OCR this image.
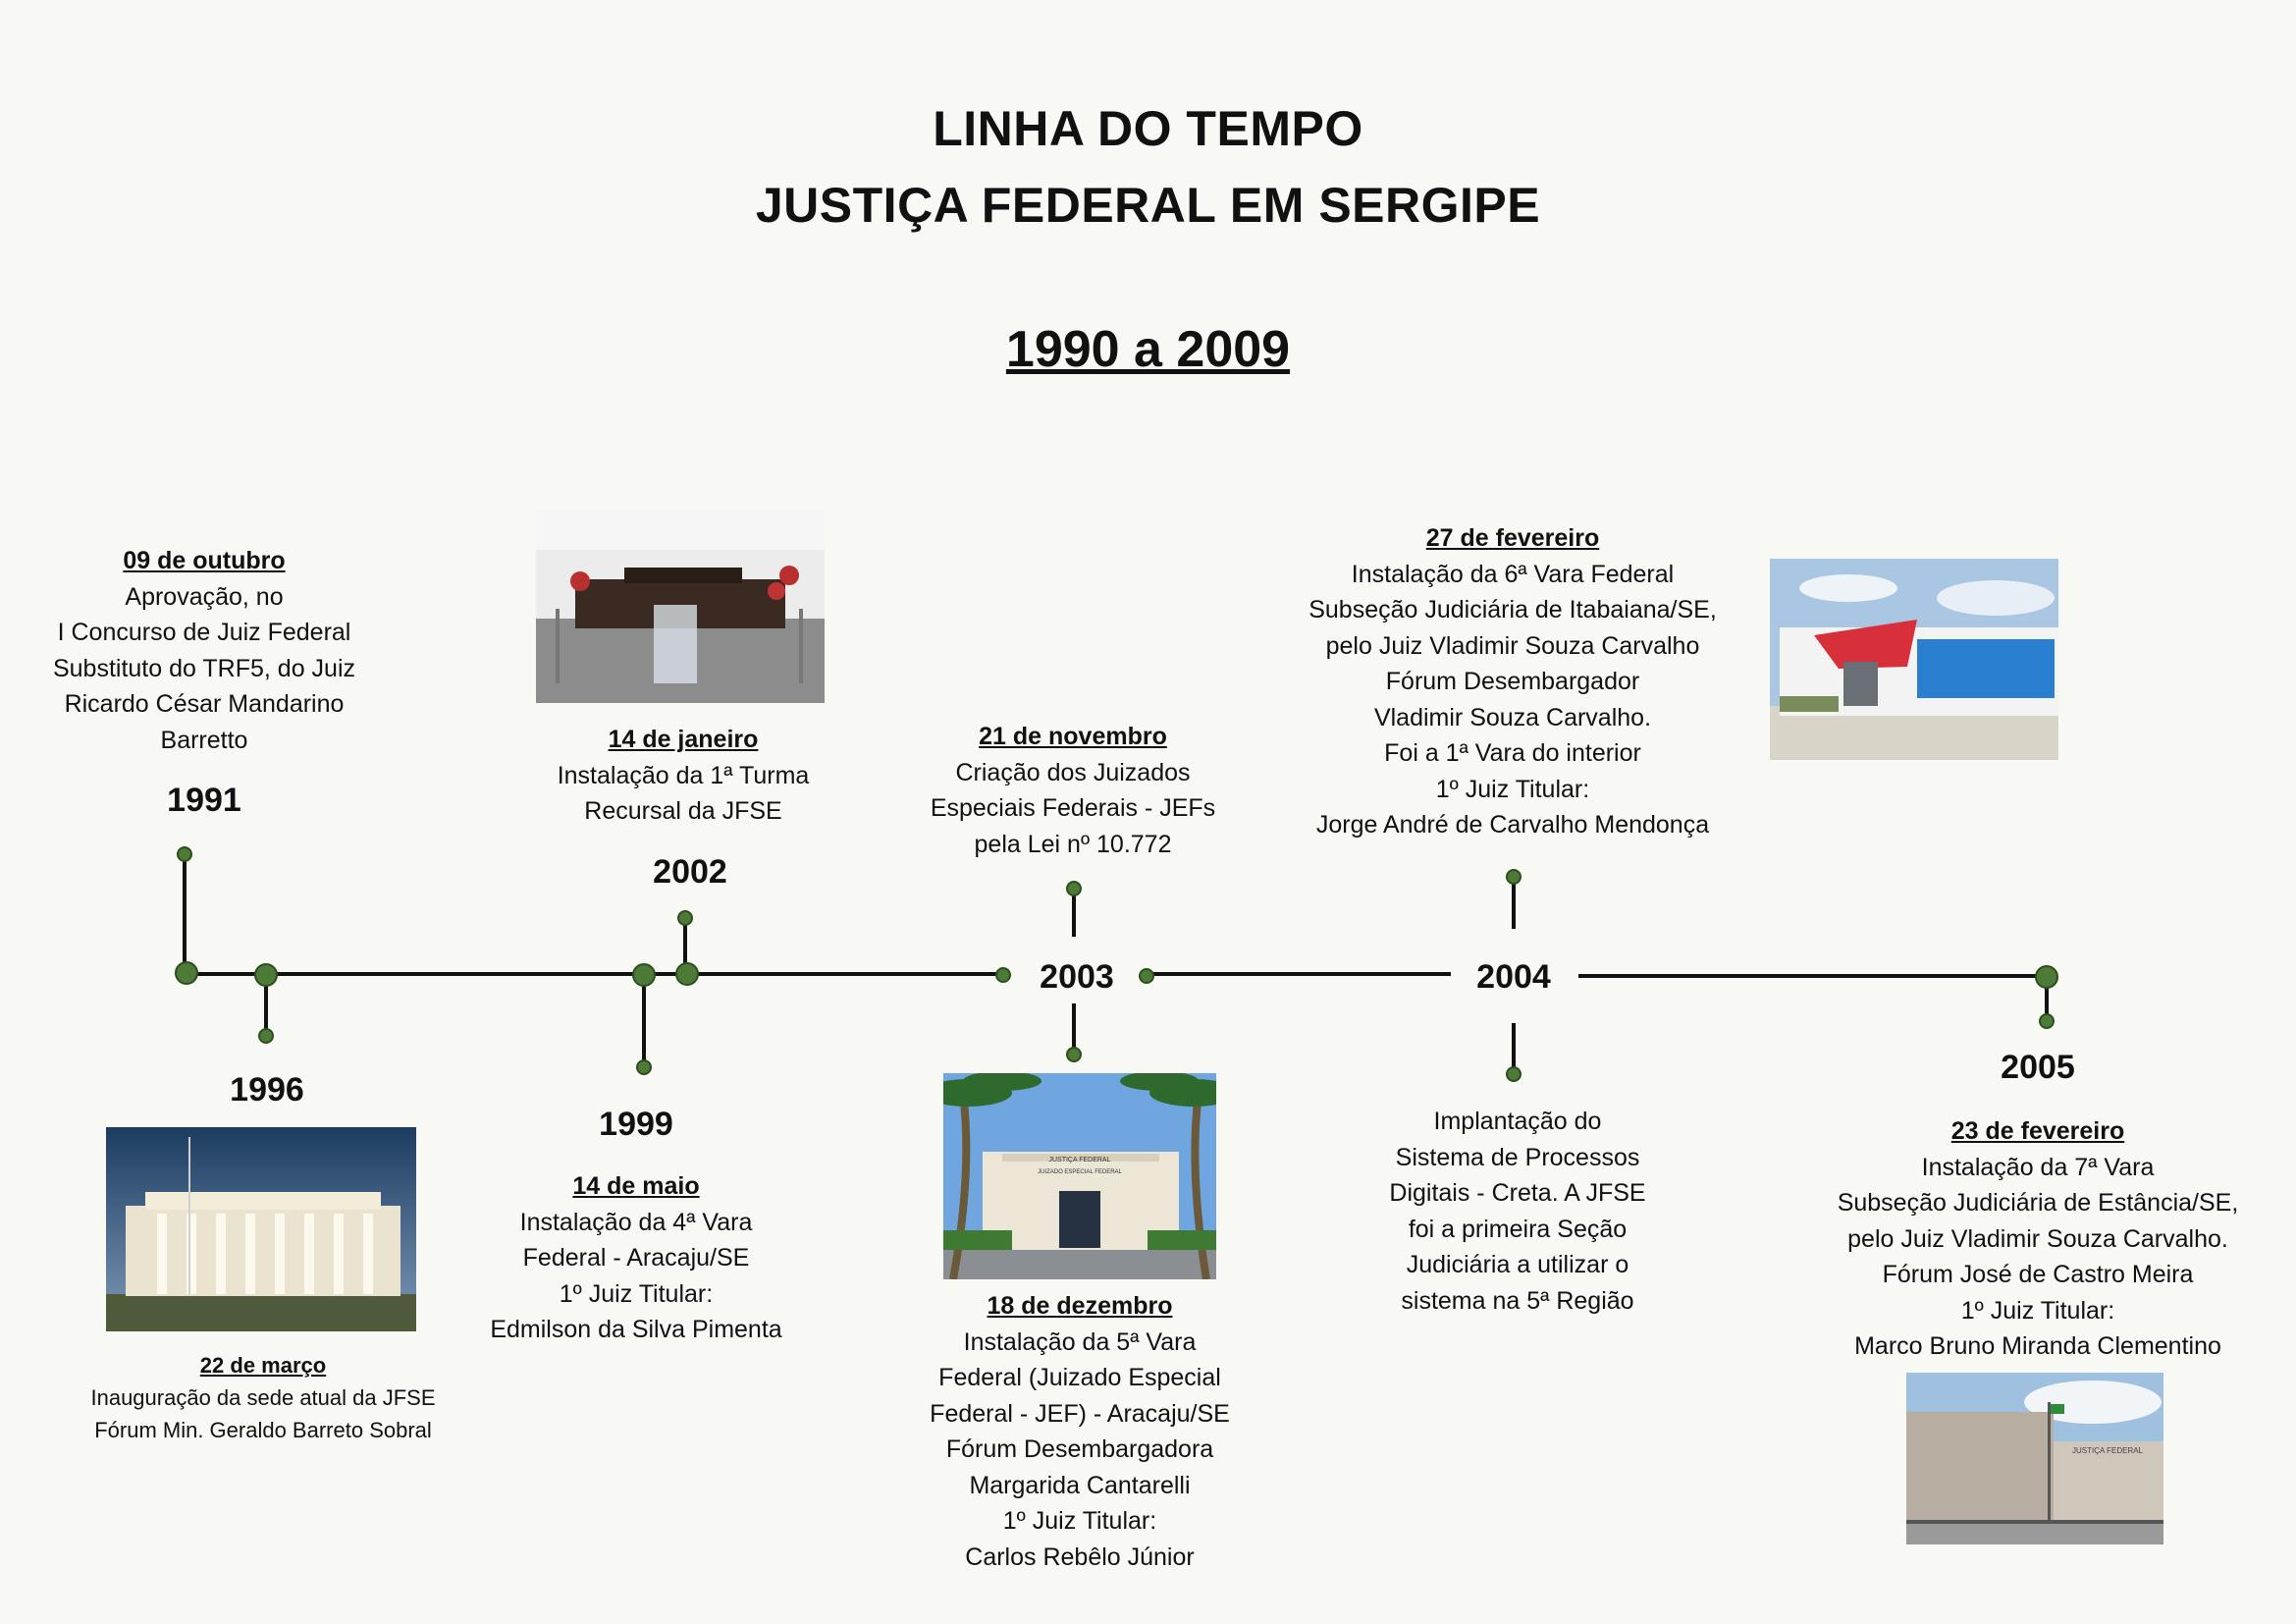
LINHA DO TEMPO
JUSTIÇA FEDERAL EM SERGIPE
1990 a 2009
1991
1996
1999
2002
2003	2004
2005
09 de outubro
Aprovação, no
I Concurso de Juiz Federal
Substituto do TRF5, do Juiz
Ricardo César Mandarino
Barretto	14 de janeiro
Instalação da 1ª Turma
Recursal da JFSE
21 de novembro
Criação dos Juizados
Especiais Federais - JEFs
pela Lei nº 10.772
27 de fevereiro
Instalação da 6ª Vara Federal
Subseção Judiciária de Itabaiana/SE,
pelo Juiz Vladimir Souza Carvalho
Fórum Desembargador
Vladimir Souza Carvalho.
Foi a 1ª Vara do interior
1º Juiz Titular:
Jorge André de Carvalho Mendonça
22 de março
Inauguração da sede atual da JFSE
Fórum Min. Geraldo Barreto Sobral
14 de maio
Instalação da 4ª Vara
Federal - Aracaju/SE
1º Juiz Titular:
Edmilson da Silva Pimenta
JUSTIÇA FEDERAL
JUIZADO ESPECIAL FEDERAL
18 de dezembro
Instalação da 5ª Vara
Federal (Juizado Especial
Federal - JEF) - Aracaju/SE
Fórum Desembargadora
Margarida Cantarelli
1º Juiz Titular:
Carlos Rebêlo Júnior
Implantação do
Sistema de Processos
Digitais - Creta. A JFSE
foi a primeira Seção
Judiciária a utilizar o
sistema na 5ª Região
23 de fevereiro
Instalação da 7ª Vara
Subseção Judiciária de Estância/SE,
pelo Juiz Vladimir Souza Carvalho.
Fórum José de Castro Meira
1º Juiz Titular:
Marco Bruno Miranda Clementino
JUSTIÇA FEDERAL
